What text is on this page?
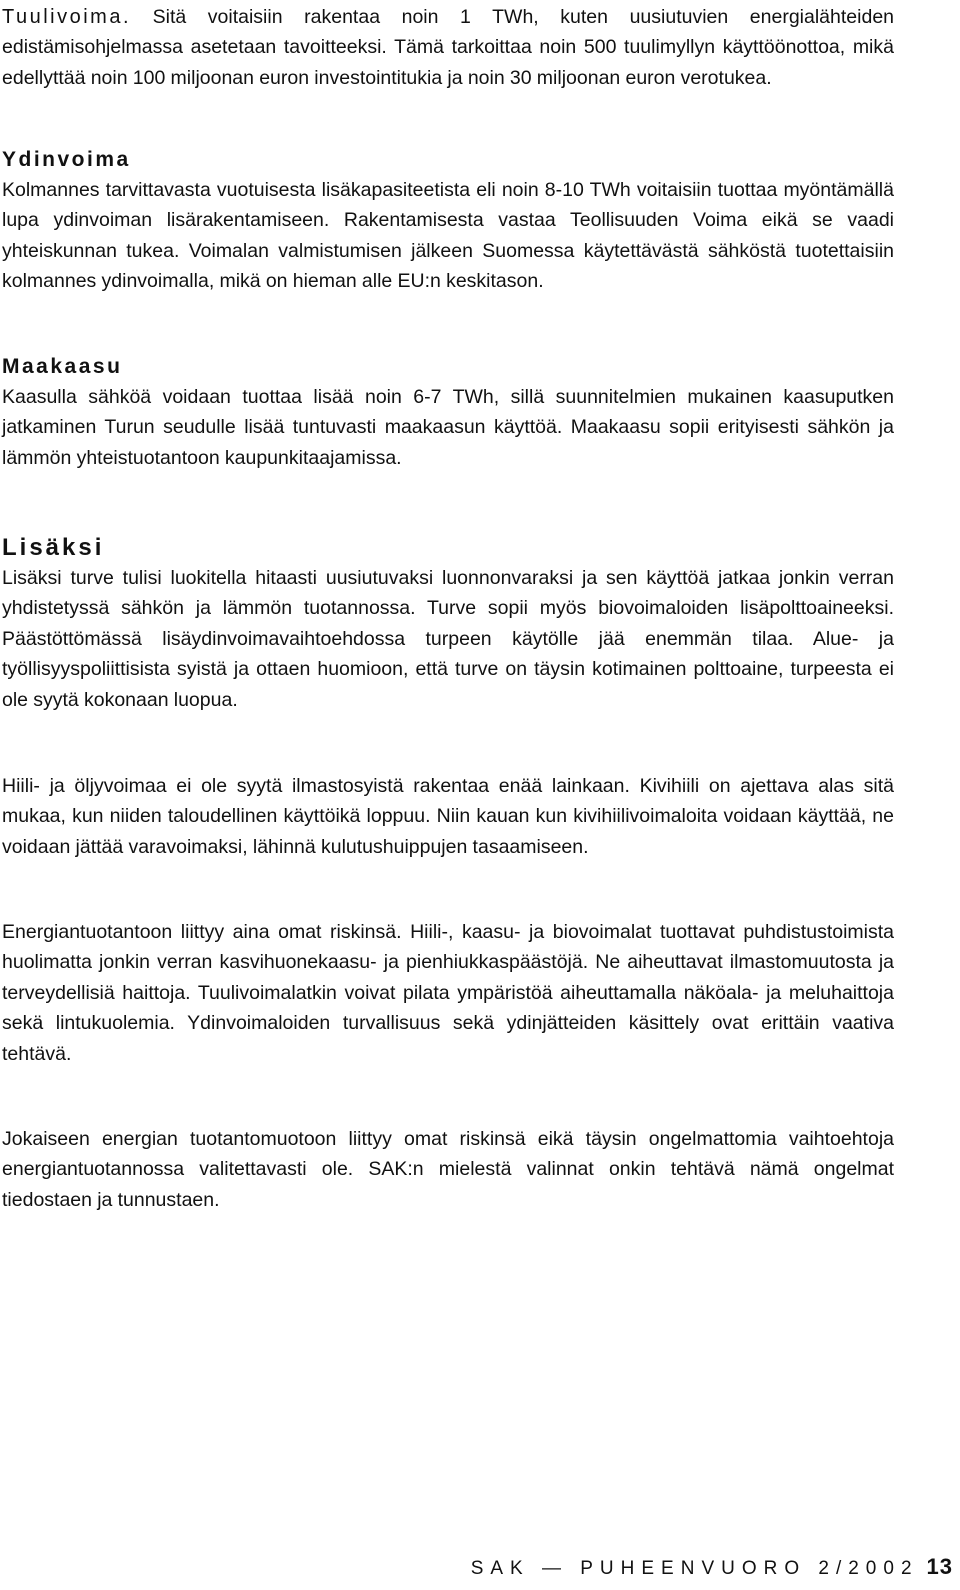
Tuulivoima. Sitä voitaisiin rakentaa noin 1 TWh, kuten uusiutuvien energialähteiden edistämisohjelmassa asetetaan tavoitteeksi. Tämä tarkoittaa noin 500 tuulimyllyn käyttöönottoa, mikä edellyttää noin 100 miljoonan euron investointitukia ja noin 30 miljoonan euron verotukea.

Ydinvoima

Kolmannes tarvittavasta vuotuisesta lisäkapasiteetista eli noin 8-10 TWh voitaisiin tuottaa myöntämällä lupa ydinvoiman lisärakentamiseen. Rakentamisesta vastaa Teollisuuden Voima eikä se vaadi yhteiskunnan tukea. Voimalan valmistumisen jälkeen Suomessa käytettävästä sähköstä tuotettaisiin kolmannes ydinvoimalla, mikä on hieman alle EU:n keskitason.

Maakaasu

Kaasulla sähköä voidaan tuottaa lisää noin 6-7 TWh, sillä suunnitelmien mukainen kaasuputken jatkaminen Turun seudulle lisää tuntuvasti maakaasun käyttöä. Maakaasu sopii erityisesti sähkön ja lämmön yhteistuotantoon kaupunkitaajamissa.

Lisäksi

Lisäksi turve tulisi luokitella hitaasti uusiutuvaksi luonnonvaraksi ja sen käyttöä jatkaa jonkin verran yhdistetyssä sähkön ja lämmön tuotannossa. Turve sopii myös biovoimaloiden lisäpolttoaineeksi. Päästöttömässä lisäydinvoimavaihtoehdossa turpeen käytölle jää enemmän tilaa. Alue- ja työllisyyspoliittisista syistä ja ottaen huomioon, että turve on täysin kotimainen polttoaine, turpeesta ei ole syytä kokonaan luopua.

Hiili- ja öljyvoimaa ei ole syytä ilmastosyistä rakentaa enää lainkaan. Kivihiili on ajettava alas sitä mukaa, kun niiden taloudellinen käyttöikä loppuu. Niin kauan kun kivihiilivoimaloita voidaan käyttää, ne voidaan jättää varavoimaksi, lähinnä kulutushuippujen tasaamiseen.

Energiantuotantoon liittyy aina omat riskinsä. Hiili-, kaasu- ja biovoimalat tuottavat puhdistustoimista huolimatta jonkin verran kasvihuonekaasu- ja pienhiukkaspäästöjä. Ne aiheuttavat ilmastomuutosta ja terveydellisiä haittoja. Tuulivoimalatkin voivat pilata ympäristöä aiheuttamalla näköala- ja meluhaittoja sekä lintukuolemia. Ydinvoimaloiden turvallisuus sekä ydinjätteiden käsittely ovat erittäin vaativa tehtävä.

Jokaiseen energian tuotantomuotoon liittyy omat riskinsä eikä täysin ongelmattomia vaihtoehtoja energiantuotannossa valitettavasti ole. SAK:n mielestä valinnat onkin tehtävä nämä ongelmat tiedostaen ja tunnustaen.

SAK — PUHEENVUORO 2/2002 13
